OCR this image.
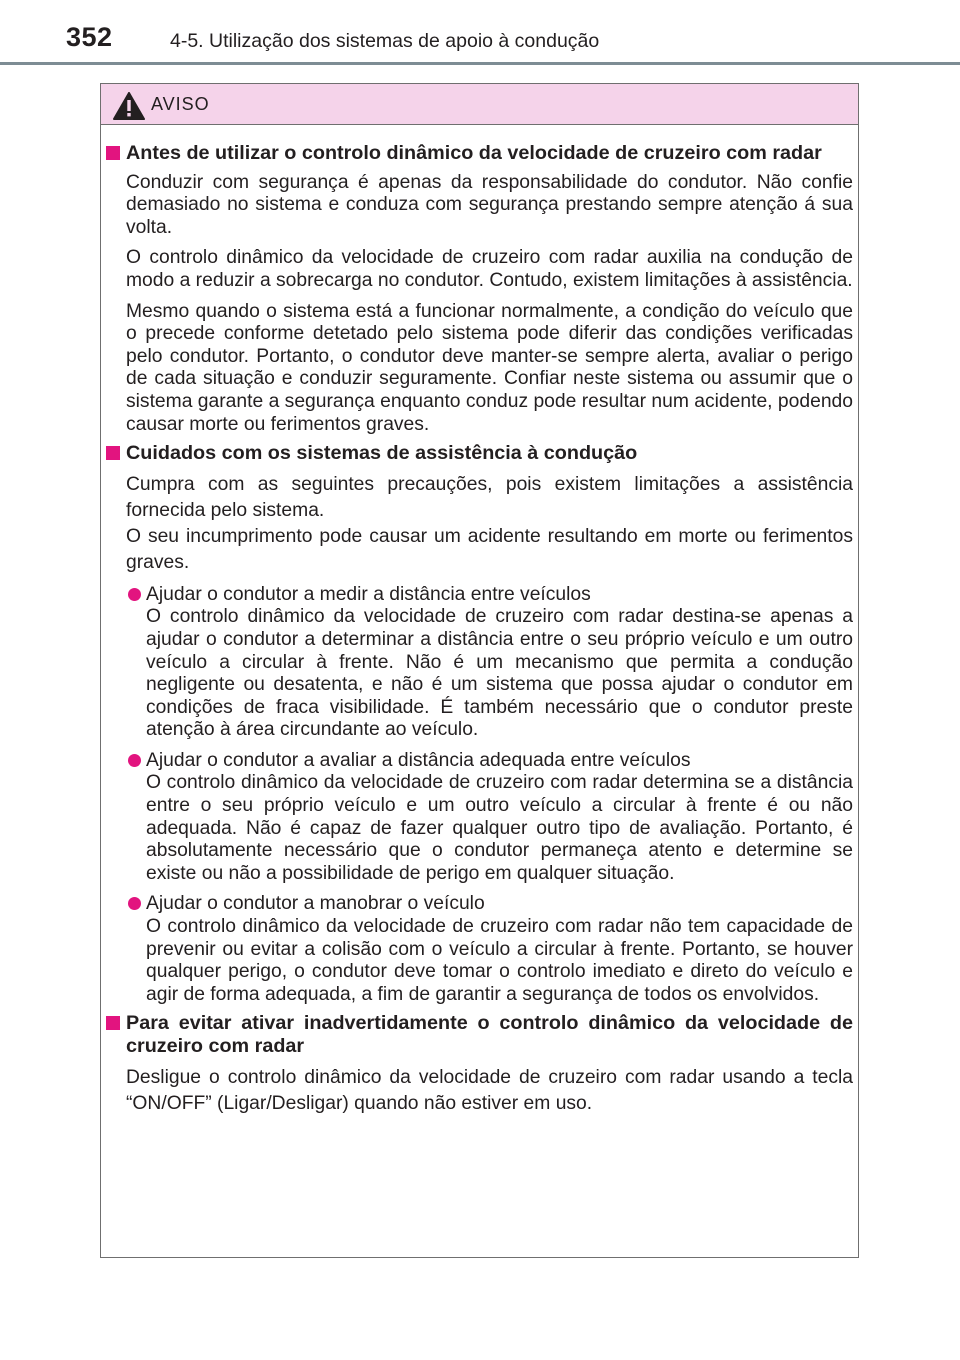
352	4-5. Utilização dos sistemas de apoio à condução
AVISO
Antes de utilizar o controlo dinâmico da velocidade de cruzeiro com radar
Conduzir com segurança é apenas da responsabilidade do condutor. Não confie demasiado no sistema e conduza com segurança prestando sempre atenção á sua volta.
O controlo dinâmico da velocidade de cruzeiro com radar auxilia na condução de modo a reduzir a sobrecarga no condutor. Contudo, existem limitações à assistência.
Mesmo quando o sistema está a funcionar normalmente, a condição do veículo que o precede conforme detetado pelo sistema pode diferir das condições verificadas pelo condutor. Portanto, o condutor deve manter-se sempre alerta, avaliar o perigo de cada situação e conduzir seguramente. Confiar neste sistema ou assumir que o sistema garante a segurança enquanto conduz pode resultar num acidente, podendo causar morte ou ferimentos graves.
Cuidados com os sistemas de assistência à condução
Cumpra com as seguintes precauções, pois existem limitações a assistência fornecida pelo sistema.
O seu incumprimento pode causar um acidente resultando em morte ou ferimentos graves.
Ajudar o condutor a medir a distância entre veículos
O controlo dinâmico da velocidade de cruzeiro com radar destina-se apenas a ajudar o condutor a determinar a distância entre o seu próprio veículo e um outro veículo a circular à frente. Não é um mecanismo que permita a condução negligente ou desatenta, e não é um sistema que possa ajudar o condutor em condições de fraca visibilidade. É também necessário que o condutor preste atenção à área circundante ao veículo.
Ajudar o condutor a avaliar a distância adequada entre veículos
O controlo dinâmico da velocidade de cruzeiro com radar determina se a distância entre o seu próprio veículo e um outro veículo a circular à frente é ou não adequada. Não é capaz de fazer qualquer outro tipo de avaliação. Portanto, é absolutamente necessário que o condutor permaneça atento e determine se existe ou não a possibilidade de perigo em qualquer situação.
Ajudar o condutor a manobrar o veículo
O controlo dinâmico da velocidade de cruzeiro com radar não tem capacidade de prevenir ou evitar a colisão com o veículo a circular à frente. Portanto, se houver qualquer perigo, o condutor deve tomar o controlo imediato e direto do veículo e agir de forma adequada, a fim de garantir a segurança de todos os envolvidos.
Para evitar ativar inadvertidamente o controlo dinâmico da velocidade de cruzeiro com radar
Desligue o controlo dinâmico da velocidade de cruzeiro com radar usando a tecla “ON/OFF” (Ligar/Desligar) quando não estiver em uso.
